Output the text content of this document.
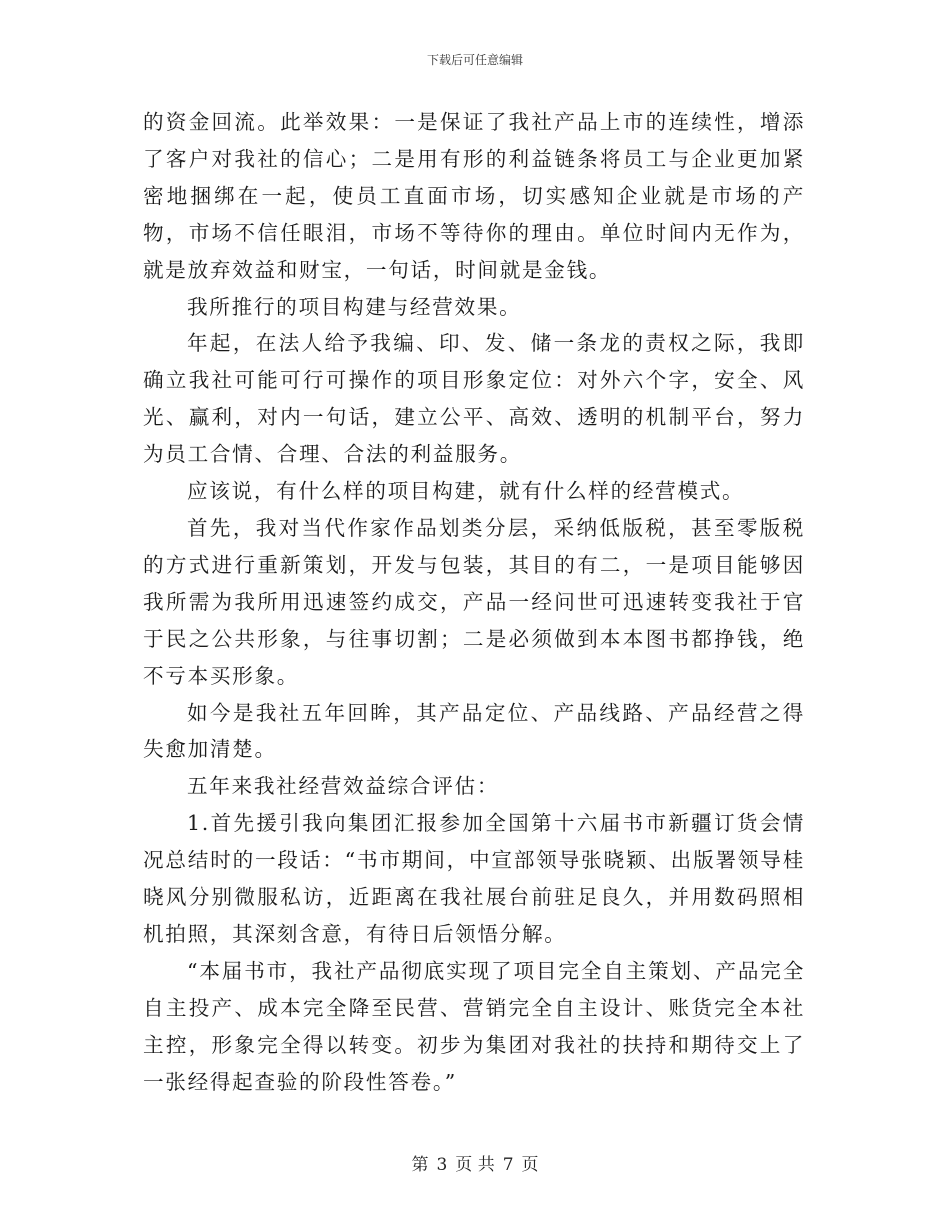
下载后可任意编辑

的资金回流。此举效果：一是保证了我社产品上市的连续性，增添了客户对我社的信心；二是用有形的利益链条将员工与企业更加紧密地捆绑在一起，使员工直面市场，切实感知企业就是市场的产物，市场不信任眼泪，市场不等待你的理由。单位时间内无作为，就是放弃效益和财宝，一句话，时间就是金钱。

我所推行的项目构建与经营效果。

年起，在法人给予我编、印、发、储一条龙的责权之际，我即确立我社可能可行可操作的项目形象定位：对外六个字，安全、风光、赢利，对内一句话，建立公平、高效、透明的机制平台，努力为员工合情、合理、合法的利益服务。

应该说，有什么样的项目构建，就有什么样的经营模式。

首先，我对当代作家作品划类分层，采纳低版税，甚至零版税的方式进行重新策划，开发与包装，其目的有二，一是项目能够因我所需为我所用迅速签约成交，产品一经问世可迅速转变我社于官于民之公共形象，与往事切割；二是必须做到本本图书都挣钱，绝不亏本买形象。

如今是我社五年回眸，其产品定位、产品线路、产品经营之得失愈加清楚。

五年来我社经营效益综合评估：

1.首先援引我向集团汇报参加全国第十六届书市新疆订货会情况总结时的一段话：“书市期间，中宣部领导张晓颖、出版署领导桂晓风分别微服私访，近距离在我社展台前驻足良久，并用数码照相机拍照，其深刻含意，有待日后领悟分解。

“本届书市，我社产品彻底实现了项目完全自主策划、产品完全自主投产、成本完全降至民营、营销完全自主设计、账货完全本社主控，形象完全得以转变。初步为集团对我社的扶持和期待交上了一张经得起查验的阶段性答卷。”

第 3 页 共 7 页
